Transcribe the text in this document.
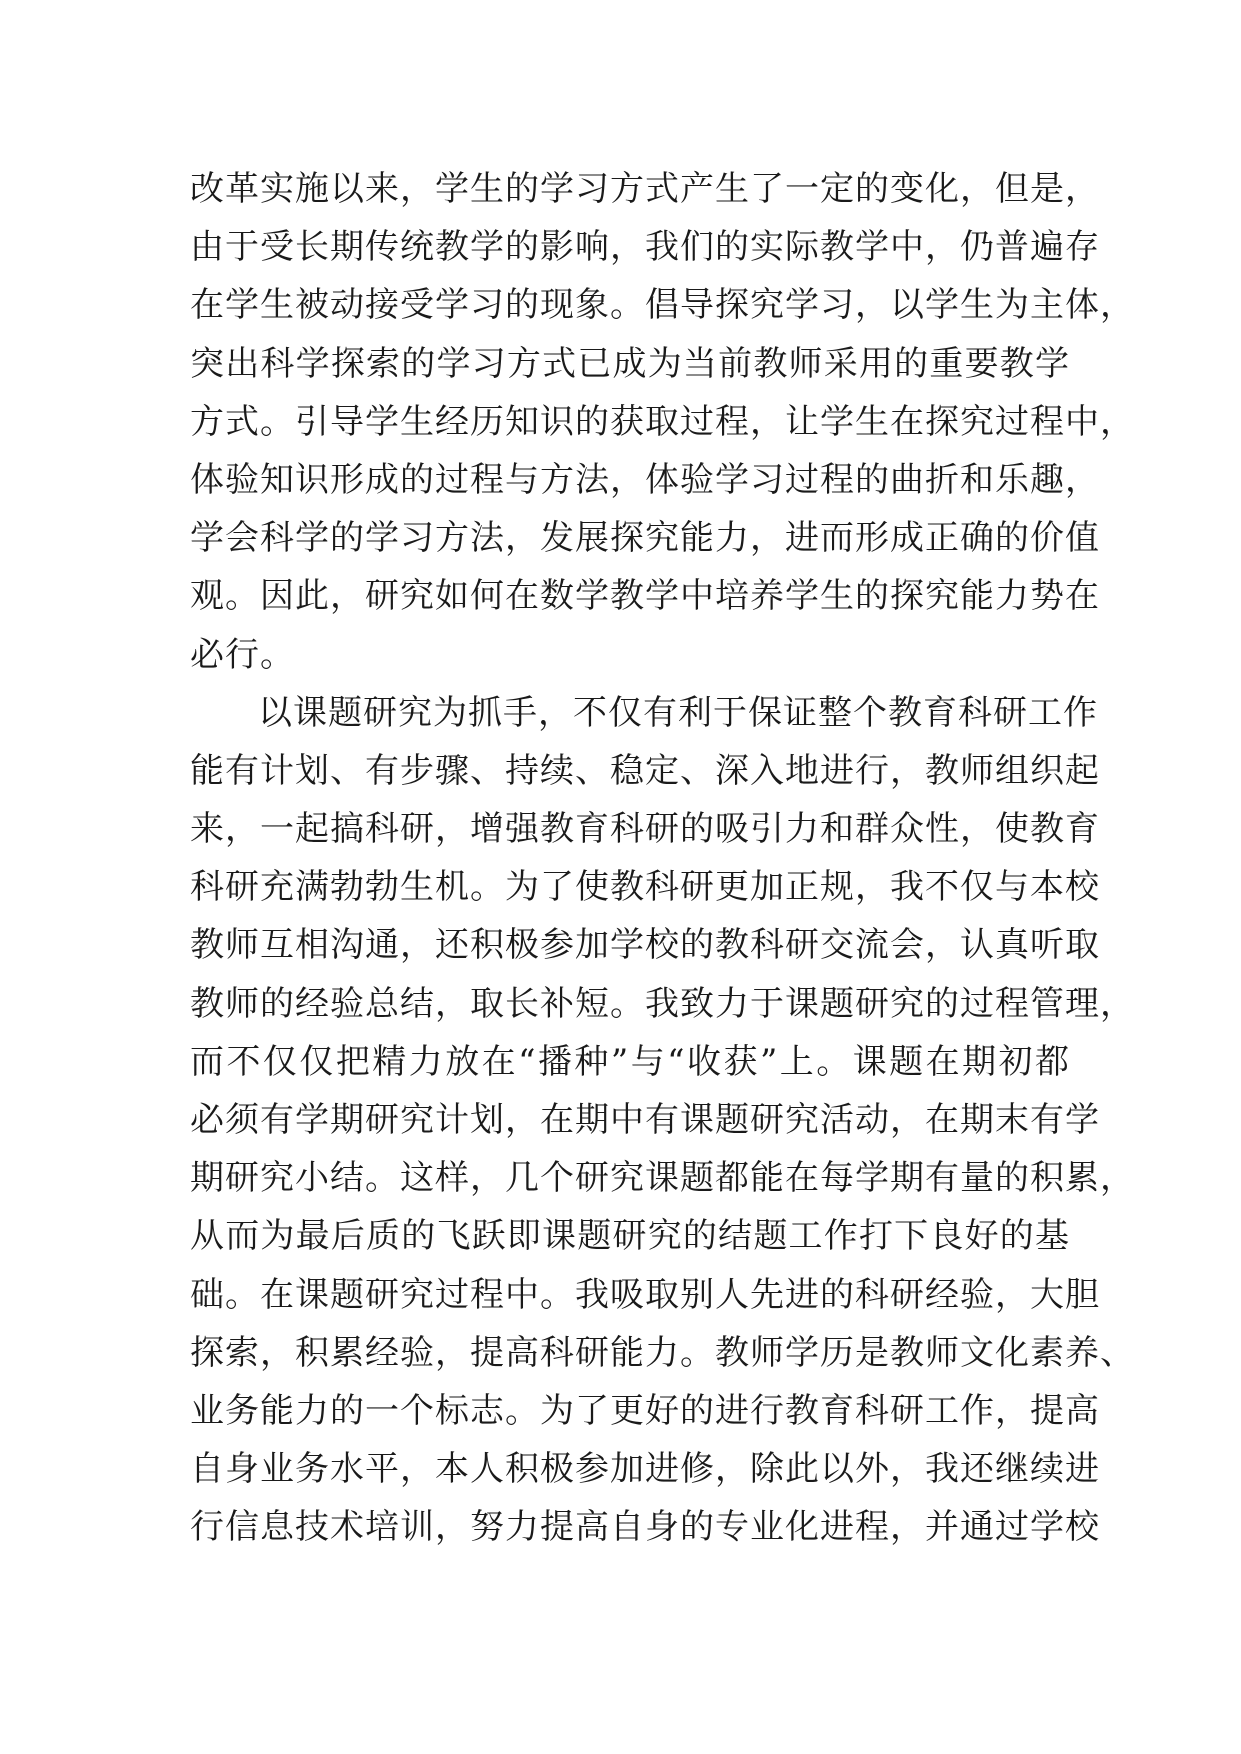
改革实施以来，学生的学习方式产生了一定的变化，但是，
由于受长期传统教学的影响，我们的实际教学中，仍普遍存
在学生被动接受学习的现象。倡导探究学习，以学生为主体，
突出科学探索的学习方式已成为当前教师采用的重要教学
方式。引导学生经历知识的获取过程，让学生在探究过程中，
体验知识形成的过程与方法，体验学习过程的曲折和乐趣，
学会科学的学习方法，发展探究能力，进而形成正确的价值
观。因此，研究如何在数学教学中培养学生的探究能力势在
必行。
以课题研究为抓手，不仅有利于保证整个教育科研工作
能有计划、有步骤、持续、稳定、深入地进行，教师组织起
来，一起搞科研，增强教育科研的吸引力和群众性，使教育
科研充满勃勃生机。为了使教科研更加正规，我不仅与本校
教师互相沟通，还积极参加学校的教科研交流会，认真听取
教师的经验总结，取长补短。我致力于课题研究的过程管理，
而不仅仅把精力放在“播种”与“收获”上。课题在期初都
必须有学期研究计划，在期中有课题研究活动，在期末有学
期研究小结。这样，几个研究课题都能在每学期有量的积累，
从而为最后质的飞跃即课题研究的结题工作打下良好的基
础。在课题研究过程中。我吸取别人先进的科研经验，大胆
探索，积累经验，提高科研能力。教师学历是教师文化素养、
业务能力的一个标志。为了更好的进行教育科研工作，提高
自身业务水平，本人积极参加进修，除此以外，我还继续进
行信息技术培训，努力提高自身的专业化进程，并通过学校
